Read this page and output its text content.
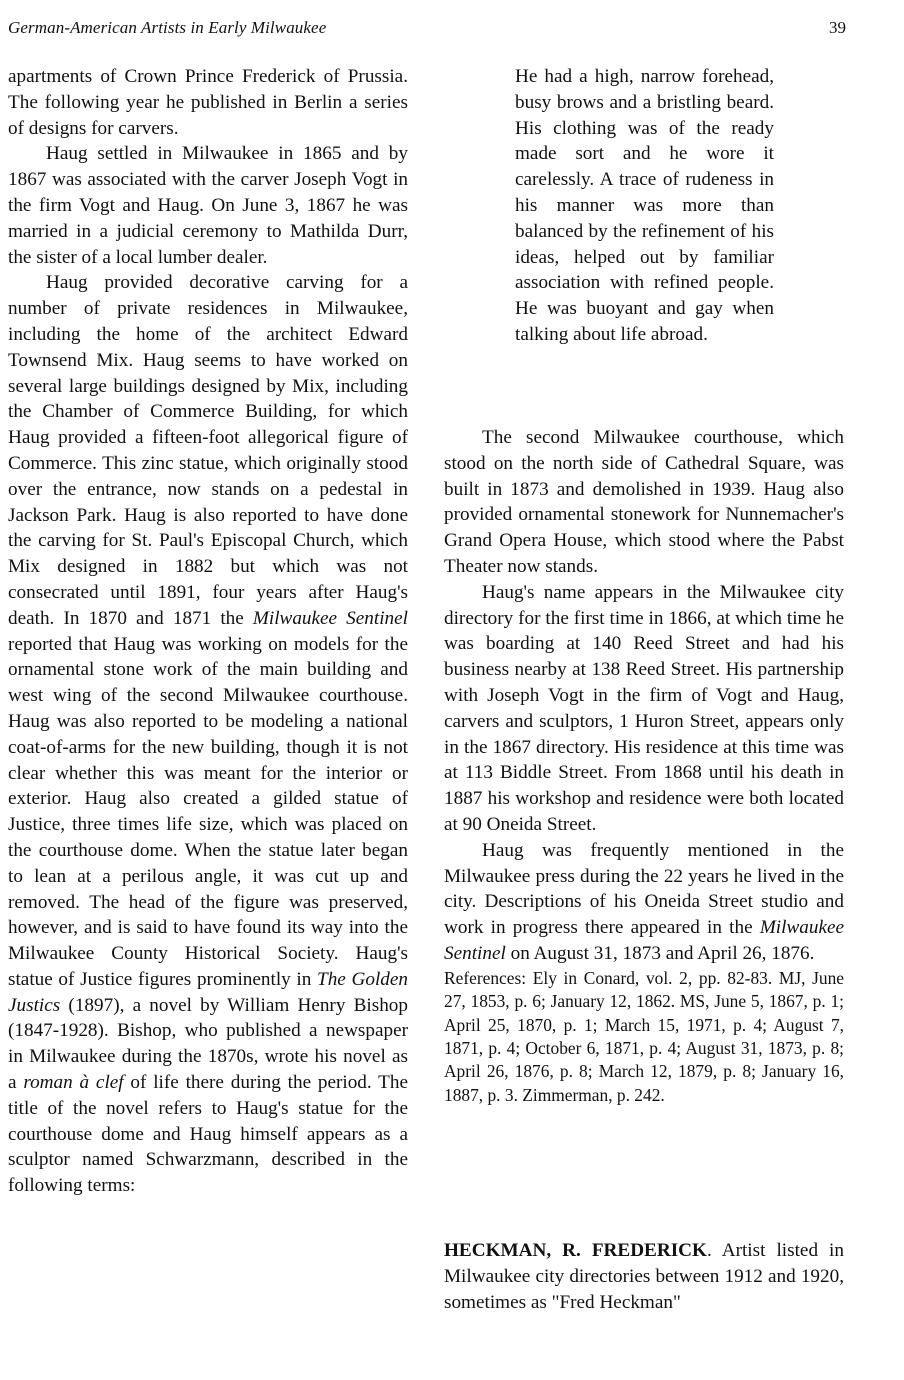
German-American Artists in Early Milwaukee	39

apartments of Crown Prince Frederick of Prussia. The following year he published in Berlin a series of designs for carvers.

Haug settled in Milwaukee in 1865 and by 1867 was associated with the carver Joseph Vogt in the firm Vogt and Haug. On June 3, 1867 he was married in a judicial ceremony to Mathilda Durr, the sister of a local lumber dealer.

Haug provided decorative carving for a number of private residences in Milwaukee, including the home of the architect Edward Townsend Mix. Haug seems to have worked on several large buildings designed by Mix, including the Chamber of Commerce Building, for which Haug provided a fifteen-foot allegorical figure of Commerce. This zinc statue, which originally stood over the entrance, now stands on a pedestal in Jackson Park. Haug is also reported to have done the carving for St. Paul's Episcopal Church, which Mix designed in 1882 but which was not consecrated until 1891, four years after Haug's death. In 1870 and 1871 the Milwaukee Sentinel reported that Haug was working on models for the ornamental stone work of the main building and west wing of the second Milwaukee courthouse. Haug was also reported to be modeling a national coat-of-arms for the new building, though it is not clear whether this was meant for the interior or exterior. Haug also created a gilded statue of Justice, three times life size, which was placed on the courthouse dome. When the statue later began to lean at a perilous angle, it was cut up and removed. The head of the figure was preserved, however, and is said to have found its way into the Milwaukee County Historical Society. Haug's statue of Justice figures prominently in The Golden Justics (1897), a novel by William Henry Bishop (1847-1928). Bishop, who published a newspaper in Milwaukee during the 1870s, wrote his novel as a roman à clef of life there during the period. The title of the novel refers to Haug's statue for the courthouse dome and Haug himself appears as a sculptor named Schwarzmann, described in the following terms:

He had a high, narrow forehead, busy brows and a bristling beard. His clothing was of the ready made sort and he wore it carelessly. A trace of rudeness in his manner was more than balanced by the refinement of his ideas, helped out by familiar association with refined people. He was buoyant and gay when talking about life abroad.

The second Milwaukee courthouse, which stood on the north side of Cathedral Square, was built in 1873 and demolished in 1939. Haug also provided ornamental stonework for Nunnemacher's Grand Opera House, which stood where the Pabst Theater now stands.

Haug's name appears in the Milwaukee city directory for the first time in 1866, at which time he was boarding at 140 Reed Street and had his business nearby at 138 Reed Street. His partnership with Joseph Vogt in the firm of Vogt and Haug, carvers and sculptors, 1 Huron Street, appears only in the 1867 directory. His residence at this time was at 113 Biddle Street. From 1868 until his death in 1887 his workshop and residence were both located at 90 Oneida Street.

Haug was frequently mentioned in the Milwaukee press during the 22 years he lived in the city. Descriptions of his Oneida Street studio and work in progress there appeared in the Milwaukee Sentinel on August 31, 1873 and April 26, 1876.

References: Ely in Conard, vol. 2, pp. 82-83. MJ, June 27, 1853, p. 6; January 12, 1862. MS, June 5, 1867, p. 1; April 25, 1870, p. 1; March 15, 1971, p. 4; August 7, 1871, p. 4; October 6, 1871, p. 4; August 31, 1873, p. 8; April 26, 1876, p. 8; March 12, 1879, p. 8; January 16, 1887, p. 3. Zimmerman, p. 242.

HECKMAN, R. FREDERICK. Artist listed in Milwaukee city directories between 1912 and 1920, sometimes as "Fred Heckman"
